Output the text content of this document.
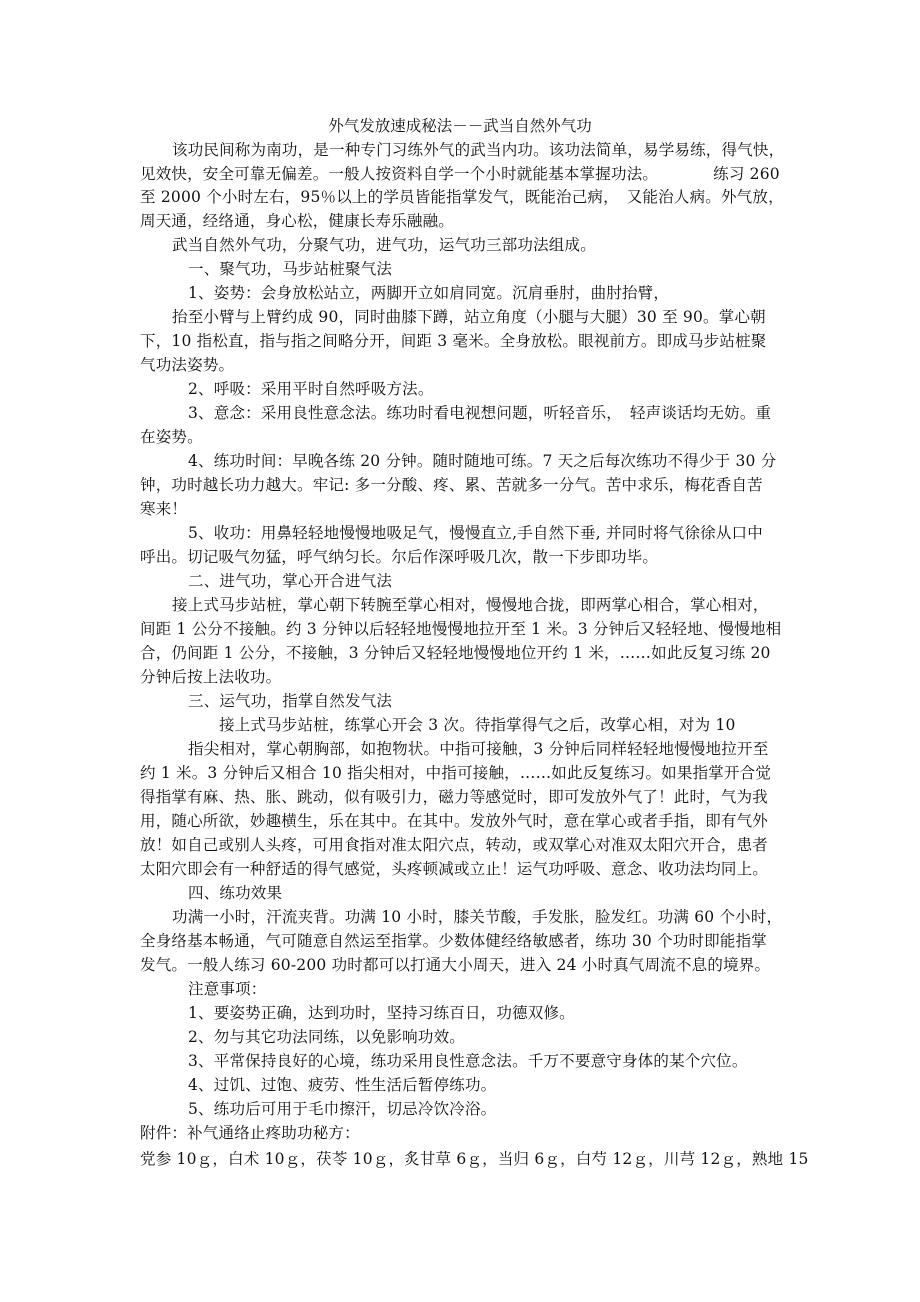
外气发放速成秘法－－武当自然外气功
该功民间称为南功，是一种专门习练外气的武当内功。该功法简单，易学易练，得气快，
见效快，安全可靠无偏差。一般人按资料自学一个小时就能基本掌握功法。　　　　练习 260
至 2000 个小时左右，95％以上的学员皆能指掌发气，既能治己病，　又能治人病。外气放，
周天通，经络通，身心松，健康长寿乐融融。
武当自然外气功，分聚气功，进气功，运气功三部功法组成。
一、聚气功，马步站桩聚气法
1、姿势：会身放松站立，两脚开立如肩同宽。沉肩垂肘，曲肘抬臂，
抬至小臂与上臂约成 90，同时曲膝下蹲，站立角度（小腿与大腿）30 至 90。掌心朝
下，10 指松直，指与指之间略分开，间距 3 毫米。全身放松。眼视前方。即成马步站桩聚
气功法姿势。
2、呼吸：采用平时自然呼吸方法。
3、意念：采用良性意念法。练功时看电视想问题，听轻音乐，　轻声谈话均无妨。重
在姿势。
4、练功时间：早晚各练 20 分钟。随时随地可练。7 天之后每次练功不得少于 30 分
钟，功时越长功力越大。牢记: 多一分酸、疼、累、苦就多一分气。苦中求乐，梅花香自苦
寒来！
5、收功：用鼻轻轻地慢慢地吸足气，慢慢直立,手自然下垂, 并同时将气徐徐从口中
呼出。切记吸气勿猛，呼气纳匀长。尔后作深呼吸几次，散一下步即功毕。
二、进气功，掌心开合进气法
接上式马步站桩，掌心朝下转腕至掌心相对，慢慢地合拢，即两掌心相合，掌心相对，
间距 1 公分不接触。约 3 分钟以后轻轻地慢慢地拉开至 1 米。3 分钟后又轻轻地、慢慢地相
合，仍间距 1 公分，不接触，3 分钟后又轻轻地慢慢地位开约 1 米，……如此反复习练 20
分钟后按上法收功。
三、运气功，指掌自然发气法
接上式马步站桩，练掌心开会 3 次。待指掌得气之后，改掌心相，对为 10
指尖相对，掌心朝胸部，如抱物状。中指可接触，3 分钟后同样轻轻地慢慢地拉开至
约 1 米。3 分钟后又相合 10 指尖相对，中指可接触，……如此反复练习。如果指掌开合觉
得指掌有麻、热、胀、跳动，似有吸引力，磁力等感觉时，即可发放外气了！此时，气为我
用，随心所欲，妙趣横生，乐在其中。在其中。发放外气时，意在掌心或者手指，即有气外
放！如自己或别人头疼，可用食指对准太阳穴点，转动，或双掌心对准双太阳穴开合，患者
太阳穴即会有一种舒适的得气感觉，头疼顿减或立止！运气功呼吸、意念、收功法均同上。
四、练功效果
功满一小时，汗流夹背。功满 10 小时，膝关节酸，手发胀，脸发红。功满 60 个小时，
全身络基本畅通，气可随意自然运至指掌。少数体健经络敏感者，练功 30 个功时即能指掌
发气。一般人练习 60-200 功时都可以打通大小周天，进入 24 小时真气周流不息的境界。
注意事项：
1、要姿势正确，达到功时，坚持习练百日，功德双修。
2、勿与其它功法同练，以免影响功效。
3、平常保持良好的心境，练功采用良性意念法。千万不要意守身体的某个穴位。
4、过饥、过饱、疲劳、性生活后暂停练功。
5、练功后可用于毛巾擦汗，切忌冷饮冷浴。
附件：补气通络止疼助功秘方：
党参 10ｇ，白术 10ｇ，茯苓 10ｇ，炙甘草 6ｇ，当归 6ｇ，白芍 12ｇ，川芎 12ｇ，熟地 15
